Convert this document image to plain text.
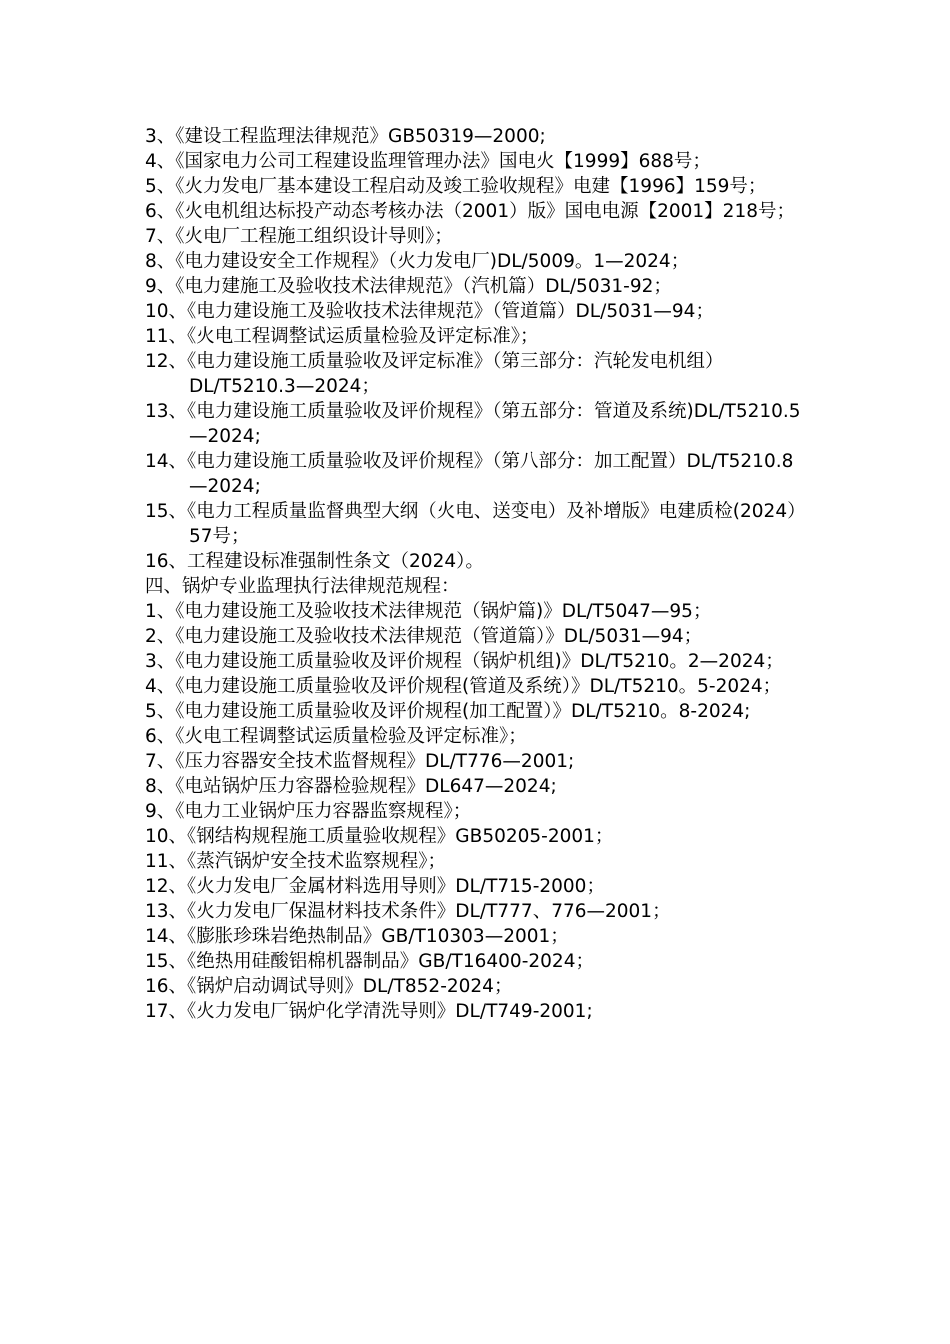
3、《建设工程监理法律规范》GB50319—2000;
4、《国家电力公司工程建设监理管理办法》国电火【1999】688号；
5、《火力发电厂基本建设工程启动及竣工验收规程》电建【1996】159号；
6、《火电机组达标投产动态考核办法（2001）版》国电电源【2001】218号；
7、《火电厂工程施工组织设计导则》；
8、《电力建设安全工作规程》（火力发电厂)DL/5009。1—2024；
9、《电力建施工及验收技术法律规范》（汽机篇）DL/5031-92；
10、《电力建设施工及验收技术法律规范》（管道篇）DL/5031—94；
11、《火电工程调整试运质量检验及评定标准》；
12、《电力建设施工质量验收及评定标准》（第三部分：汽轮发电机组）DL/T5210.3—2024；
13、《电力建设施工质量验收及评价规程》（第五部分：管道及系统)DL/T5210.5—2024;
14、《电力建设施工质量验收及评价规程》（第八部分：加工配置）DL/T5210.8—2024;
15、《电力工程质量监督典型大纲（火电、送变电）及补增版》电建质检(2024）57号；
16、工程建设标准强制性条文（2024）。
四、锅炉专业监理执行法律规范规程：
1、《电力建设施工及验收技术法律规范（锅炉篇)》DL/T5047—95；
2、《电力建设施工及验收技术法律规范（管道篇）》DL/5031—94；
3、《电力建设施工质量验收及评价规程（锅炉机组)》DL/T5210。2—2024；
4、《电力建设施工质量验收及评价规程(管道及系统）》DL/T5210。5-2024；
5、《电力建设施工质量验收及评价规程(加工配置）》DL/T5210。8-2024;
6、《火电工程调整试运质量检验及评定标准》；
7、《压力容器安全技术监督规程》DL/T776—2001;
8、《电站锅炉压力容器检验规程》DL647—2024;
9、《电力工业锅炉压力容器监察规程》；
10、《钢结构规程施工质量验收规程》GB50205-2001；
11、《蒸汽锅炉安全技术监察规程》；
12、《火力发电厂金属材料选用导则》DL/T715-2000；
13、《火力发电厂保温材料技术条件》DL/T777、776—2001；
14、《膨胀珍珠岩绝热制品》GB/T10303—2001；
15、《绝热用硅酸铝棉机器制品》GB/T16400-2024；
16、《锅炉启动调试导则》DL/T852-2024；
17、《火力发电厂锅炉化学清洗导则》DL/T749-2001;
